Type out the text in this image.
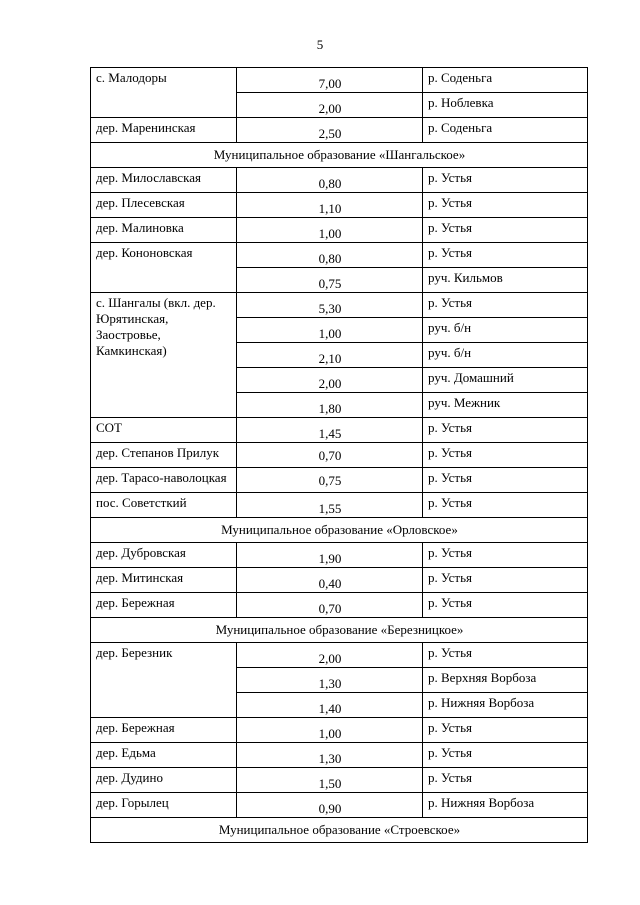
5
с. Малодоры	7,00	р. Соденьга
	2,00	р. Ноблевка
дер. Маренинская	2,50	р. Соденьга
Муниципальное образование «Шангальское»		
дер. Милославская	0,80	р. Устья
дер. Плесевская	1,10	р. Устья
дер. Малиновка	1,00	р. Устья
дер. Кононовская	0,80	р. Устья
	0,75	руч. Кильмов
с. Шангалы (вкл. дер. Юрятинская, Заостровье, Камкинская)	5,30	р. Устья
	1,00	руч. б/н
	2,10	руч. б/н
	2,00	руч. Домашний
	1,80	руч. Межник
СОТ	1,45	р. Устья
дер. Степанов Прилук	0,70	р. Устья
дер. Тарасо-наволоцкая	0,75	р. Устья
пос. Советсткий	1,55	р. Устья
Муниципальное образование «Орловское»		
дер. Дубровская	1,90	р. Устья
дер. Митинская	0,40	р. Устья
дер. Бережная	0,70	р. Устья
Муниципальное образование «Березницкое»		
дер. Березник	2,00	р. Устья
	1,30	р. Верхняя Ворбоза
	1,40	р. Нижняя Ворбоза
дер. Бережная	1,00	р. Устья
дер. Едьма	1,30	р. Устья
дер. Дудино	1,50	р. Устья
дер. Горылец	0,90	р. Нижняя Ворбоза
Муниципальное образование «Строевское»		
